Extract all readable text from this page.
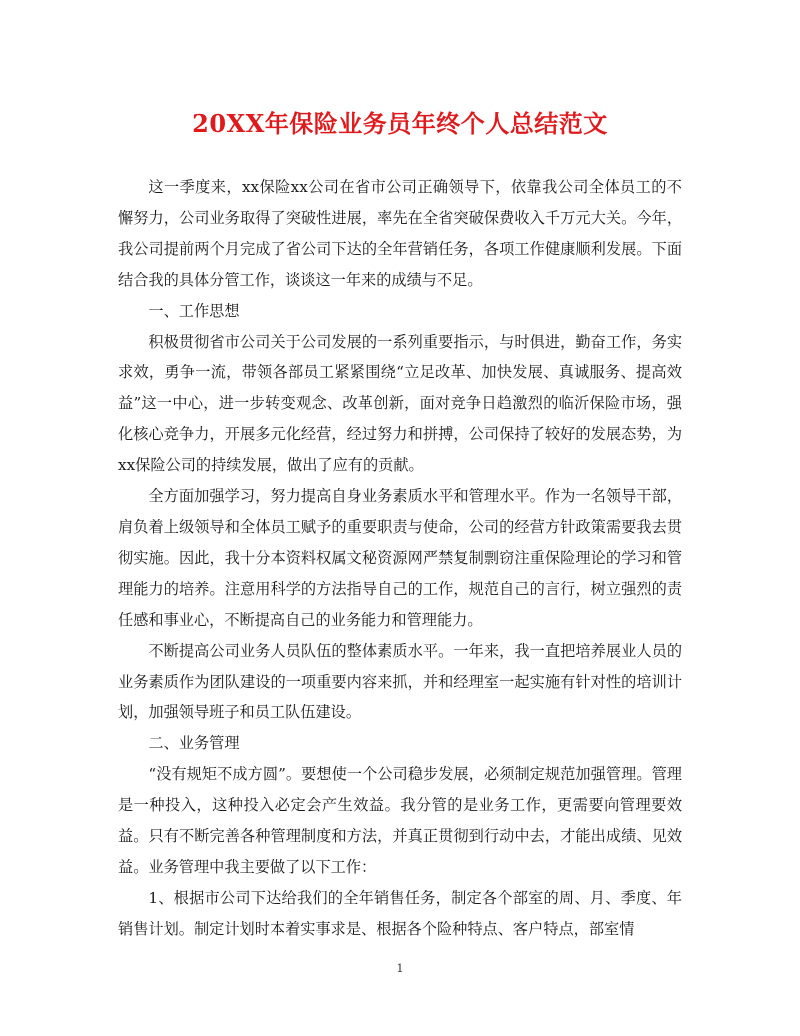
20XX年保险业务员年终个人总结范文

这一季度来，xx保险xx公司在省市公司正确领导下，依靠我公司全体员工的不懈努力，公司业务取得了突破性进展，率先在全省突破保费收入千万元大关。今年，我公司提前两个月完成了省公司下达的全年营销任务，各项工作健康顺利发展。下面结合我的具体分管工作，谈谈这一年来的成绩与不足。

一、工作思想

积极贯彻省市公司关于公司发展的一系列重要指示，与时俱进，勤奋工作，务实求效，勇争一流，带领各部员工紧紧围绕“立足改革、加快发展、真诚服务、提高效益”这一中心，进一步转变观念、改革创新，面对竞争日趋激烈的临沂保险市场，强化核心竞争力，开展多元化经营，经过努力和拼搏，公司保持了较好的发展态势，为xx保险公司的持续发展，做出了应有的贡献。

全方面加强学习，努力提高自身业务素质水平和管理水平。作为一名领导干部，肩负着上级领导和全体员工赋予的重要职责与使命，公司的经营方针政策需要我去贯彻实施。因此，我十分本资料权属文秘资源网严禁复制剽窃注重保险理论的学习和管理能力的培养。注意用科学的方法指导自己的工作，规范自己的言行，树立强烈的责任感和事业心，不断提高自己的业务能力和管理能力。

不断提高公司业务人员队伍的整体素质水平。一年来，我一直把培养展业人员的业务素质作为团队建设的一项重要内容来抓，并和经理室一起实施有针对性的培训计划，加强领导班子和员工队伍建设。

二、业务管理

“没有规矩不成方圆”。要想使一个公司稳步发展，必须制定规范加强管理。管理是一种投入，这种投入必定会产生效益。我分管的是业务工作，更需要向管理要效益。只有不断完善各种管理制度和方法，并真正贯彻到行动中去，才能出成绩、见效益。业务管理中我主要做了以下工作：

1、根据市公司下达给我们的全年销售任务，制定各个部室的周、月、季度、年销售计划。制定计划时本着实事求是、根据各个险种特点、客户特点，部室情

1
